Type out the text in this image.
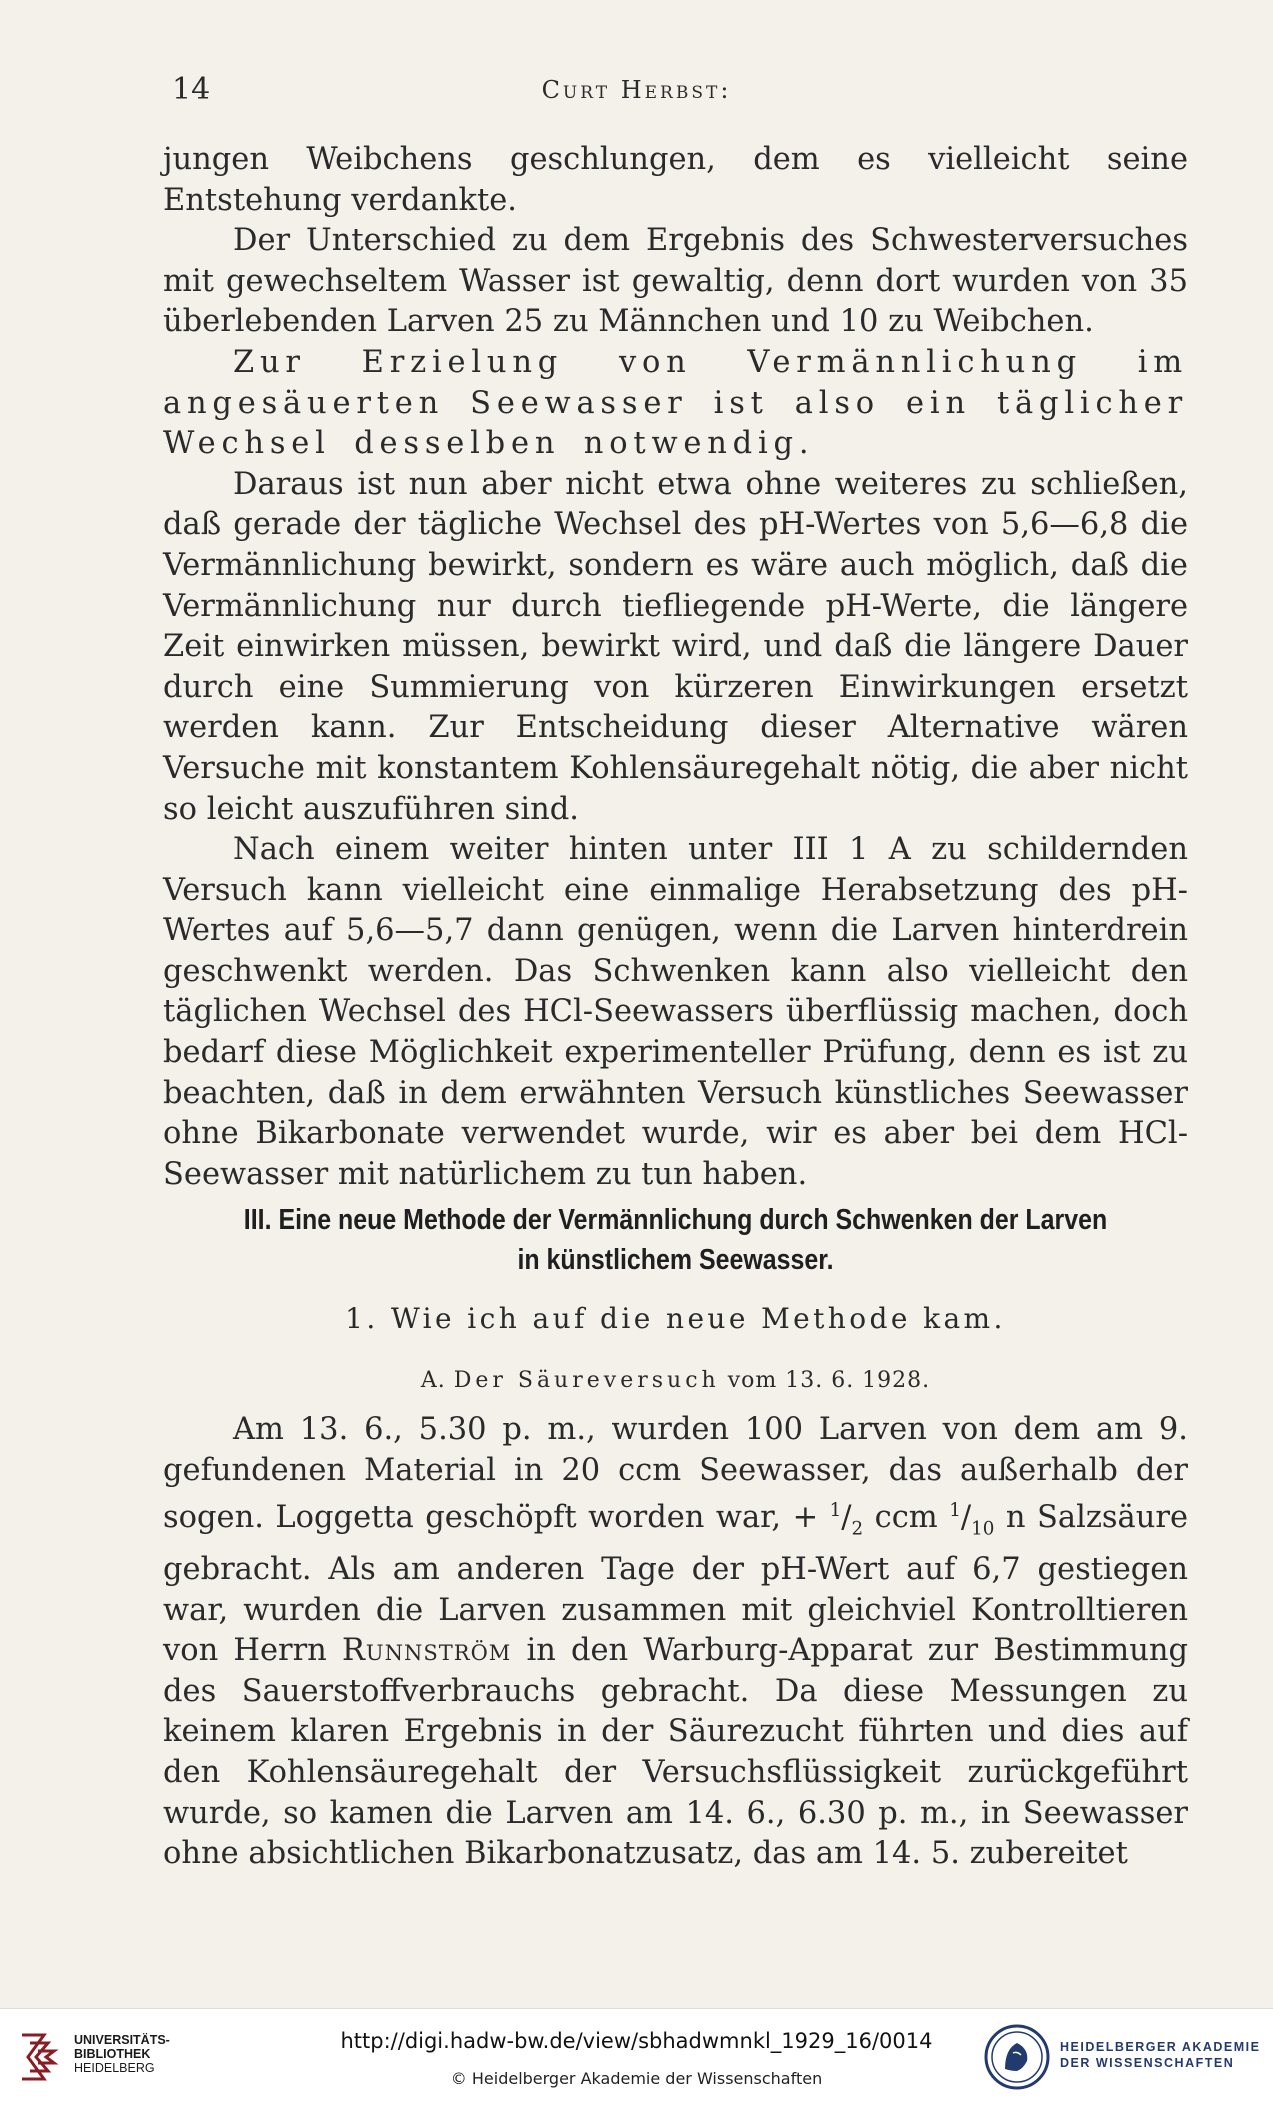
14	Curt Herbst:

jungen Weibchens geschlungen, dem es vielleicht seine Entstehung verdankte.

Der Unterschied zu dem Ergebnis des Schwesterversuches mit gewechseltem Wasser ist gewaltig, denn dort wurden von 35 überlebenden Larven 25 zu Männchen und 10 zu Weibchen.

Zur Erzielung von Vermännlichung im angesäuerten Seewasser ist also ein täglicher Wechsel desselben notwendig.

Daraus ist nun aber nicht etwa ohne weiteres zu schließen, daß gerade der tägliche Wechsel des pH-Wertes von 5,6—6,8 die Vermännlichung bewirkt, sondern es wäre auch möglich, daß die Vermännlichung nur durch tiefliegende pH-Werte, die längere Zeit einwirken müssen, bewirkt wird, und daß die längere Dauer durch eine Summierung von kürzeren Einwirkungen ersetzt werden kann. Zur Entscheidung dieser Alternative wären Versuche mit konstantem Kohlensäuregehalt nötig, die aber nicht so leicht auszuführen sind.

Nach einem weiter hinten unter III 1 A zu schildernden Versuch kann vielleicht eine einmalige Herabsetzung des pH-Wertes auf 5,6—5,7 dann genügen, wenn die Larven hinterdrein geschwenkt werden. Das Schwenken kann also vielleicht den täglichen Wechsel des HCl-Seewassers überflüssig machen, doch bedarf diese Möglichkeit experimenteller Prüfung, denn es ist zu beachten, daß in dem erwähnten Versuch künstliches Seewasser ohne Bikarbonate verwendet wurde, wir es aber bei dem HCl-Seewasser mit natürlichem zu tun haben.

III. Eine neue Methode der Vermännlichung durch Schwenken der Larven
in künstlichem Seewasser.
1. Wie ich auf die neue Methode kam.
A. Der Säureversuch vom 13. 6. 1928.

Am 13. 6., 5.30 p. m., wurden 100 Larven von dem am 9. gefundenen Material in 20 ccm Seewasser, das außerhalb der sogen. Loggetta geschöpft worden war, + $^1/_2$ ccm $^1/_{10}$ n Salzsäure gebracht. Als am anderen Tage der pH-Wert auf 6,7 gestiegen war, wurden die Larven zusammen mit gleichviel Kontrolltieren von Herrn Runnström in den Warburg-Apparat zur Bestimmung des Sauerstoffverbrauchs gebracht. Da diese Messungen zu keinem klaren Ergebnis in der Säurezucht führten und dies auf den Kohlensäuregehalt der Versuchsflüssigkeit zurückgeführt wurde, so kamen die Larven am 14. 6., 6.30 p. m., in Seewasser ohne absichtlichen Bikarbonatzusatz, das am 14. 5. zubereitet

UNIVERSITÄTS-
BIBLIOTHEK
HEIDELBERG
http://digi.hadw-bw.de/view/sbhadwmnkl_1929_16/0014
© Heidelberger Akademie der Wissenschaften
HEIDELBERGER AKADEMIE
DER WISSENSCHAFTEN
